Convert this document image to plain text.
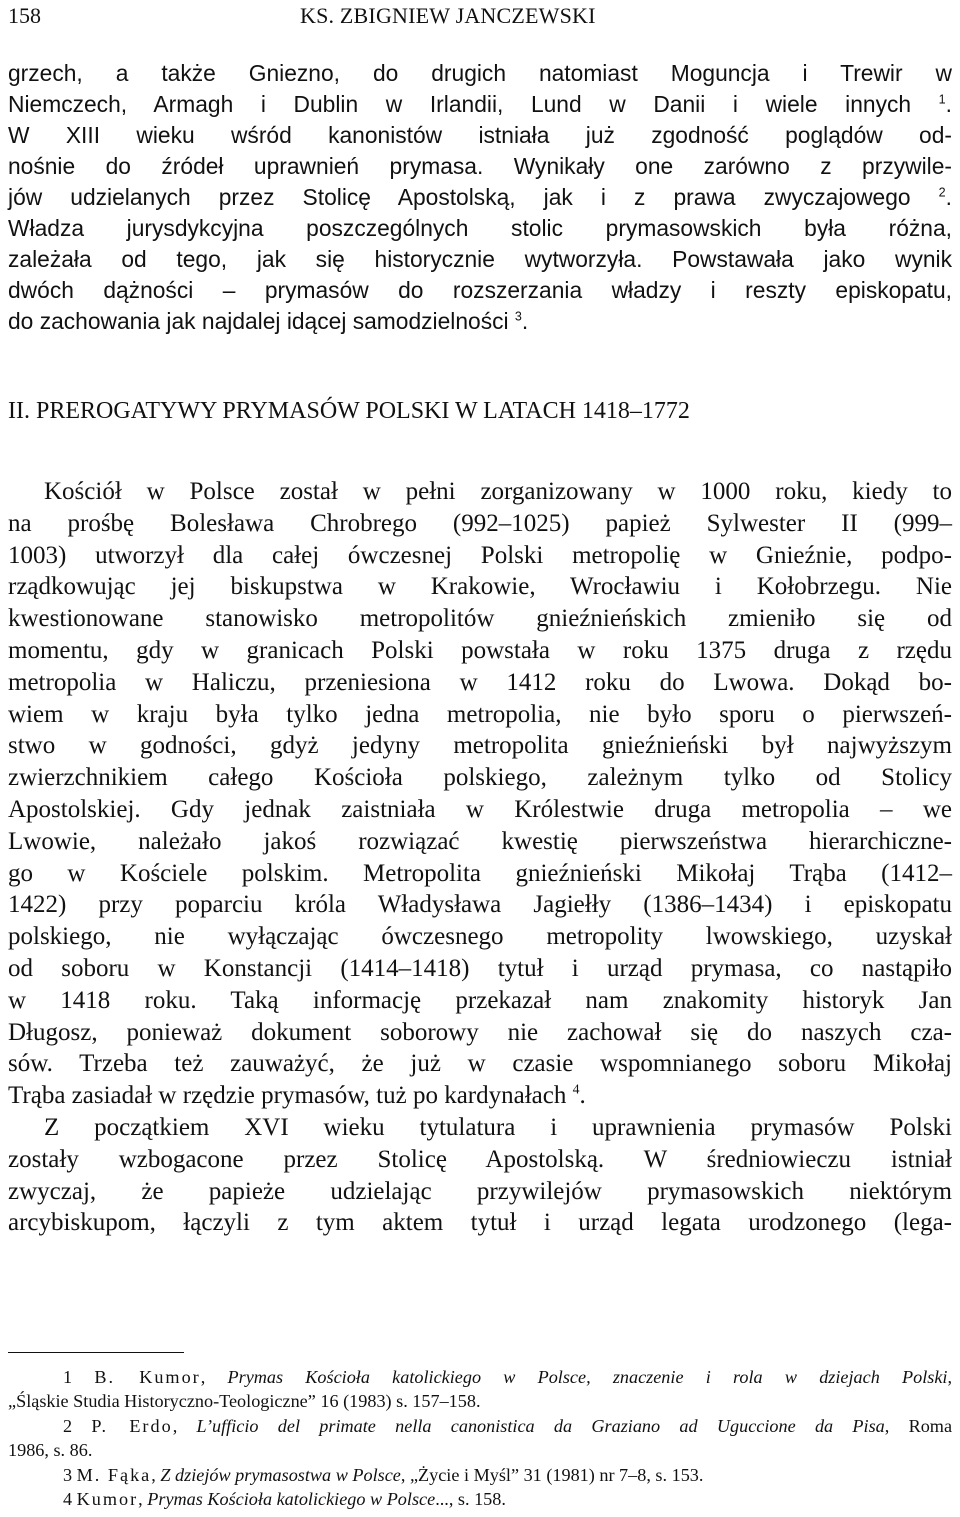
158	KS. ZBIGNIEW JANCZEWSKI
grzech, a także Gniezno, do drugich natomiast Moguncja i Trewir w
Niemczech, Armagh i Dublin w Irlandii, Lund w Danii i wiele innych $^1$.
W XIII wieku wśród kanonistów istniała już zgodność poglądów od-
nośnie do źródeł uprawnień prymasa. Wynikały one zarówno z przywile-
jów udzielanych przez Stolicę Apostolską, jak i z prawa zwyczajowego $^2$.
Władza jurysdykcyjna poszczególnych stolic prymasowskich była różna,
zależała od tego, jak się historycznie wytworzyła. Powstawała jako wynik
dwóch dążności – prymasów do rozszerzania władzy i reszty episkopatu,
do zachowania jak najdalej idącej samodzielności $^3$.
II. PREROGATYWY PRYMASÓW POLSKI W LATACH 1418–1772
Kościół w Polsce został w pełni zorganizowany w 1000 roku, kiedy to
na prośbę Bolesława Chrobrego (992–1025) papież Sylwester II (999–
1003) utworzył dla całej ówczesnej Polski metropolię w Gnieźnie, podpo-
rządkowując jej biskupstwa w Krakowie, Wrocławiu i Kołobrzegu. Nie
kwestionowane stanowisko metropolitów gnieźnieńskich zmieniło się od
momentu, gdy w granicach Polski powstała w roku 1375 druga z rzędu
metropolia w Haliczu, przeniesiona w 1412 roku do Lwowa. Dokąd bo-
wiem w kraju była tylko jedna metropolia, nie było sporu o pierwszeń-
stwo w godności, gdyż jedyny metropolita gnieźnieński był najwyższym
zwierzchnikiem całego Kościoła polskiego, zależnym tylko od Stolicy
Apostolskiej. Gdy jednak zaistniała w Królestwie druga metropolia – we
Lwowie, należało jakoś rozwiązać kwestię pierwszeństwa hierarchiczne-
go w Kościele polskim. Metropolita gnieźnieński Mikołaj Trąba (1412–
1422) przy poparciu króla Władysława Jagiełły (1386–1434) i episkopatu
polskiego, nie wyłączając ówczesnego metropolity lwowskiego, uzyskał
od soboru w Konstancji (1414–1418) tytuł i urząd prymasa, co nastąpiło
w 1418 roku. Taką informację przekazał nam znakomity historyk Jan
Długosz, ponieważ dokument soborowy nie zachował się do naszych cza-
sów. Trzeba też zauważyć, że już w czasie wspomnianego soboru Mikołaj
Trąba zasiadał w rzędzie prymasów, tuż po kardynałach $^4$.
Z początkiem XVI wieku tytulatura i uprawnienia prymasów Polski
zostały wzbogacone przez Stolicę Apostolską. W średniowieczu istniał
zwyczaj, że papieże udzielając przywilejów prymasowskich niektórym
arcybiskupom, łączyli z tym aktem tytuł i urząd legata urodzonego (lega-
1 B. Kumor, Prymas Kościoła katolickiego w Polsce, znaczenie i rola w dziejach Polski,
„Śląskie Studia Historyczno-Teologiczne” 16 (1983) s. 157–158.
2 P. Erdo, L’ufficio del primate nella canonistica da Graziano ad Uguccione da Pisa, Roma
1986, s. 86.
3 M. Fąka, Z dziejów prymasostwa w Polsce, „Życie i Myśl” 31 (1981) nr 7–8, s. 153.
4 Kumor, Prymas Kościoła katolickiego w Polsce..., s. 158.
